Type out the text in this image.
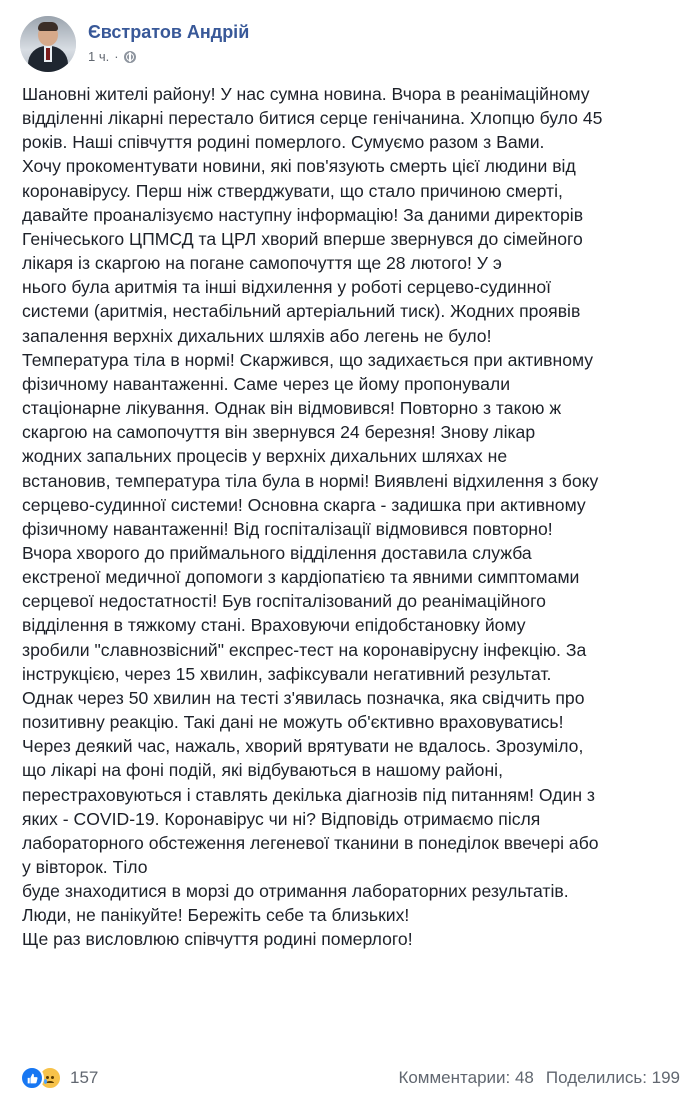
Євстратов Андрій
1 ч. ·
Шановні жителі району! У нас сумна новина. Вчора в реанімаційному
відділенні лікарні перестало битися серце генічанина. Хлопцю було 45
років. Наші співчуття родині померлого. Сумуємо разом з Вами.
Хочу прокоментувати новини, які пов'язують смерть цієї людини від
коронавірусу. Перш ніж стверджувати, що стало причиною смерті,
давайте проаналізуємо наступну інформацію! За даними директорів
Генічеського ЦПМСД та ЦРЛ хворий вперше звернувся до сімейного
лікаря із скаргою на погане самопочуття ще 28 лютого! У э
нього була аритмія та інші відхилення у роботі серцево-судинної
системи (аритмія, нестабільний артеріальний тиск). Жодних проявів
запалення верхніх дихальних шляхів або легень не було!
Температура тіла в нормі! Скаржився, що задихається при активному
фізичному навантаженні. Саме через це йому пропонували
стаціонарне лікування. Однак він відмовився! Повторно з такою ж
скаргою на самопочуття він звернувся 24 березня! Знову лікар
жодних запальних процесів у верхніх дихальних шляхах не
встановив, температура тіла була в нормі! Виявлені відхилення з боку
серцево-судинної системи! Основна скарга - задишка при активному
фізичному навантаженні! Від госпіталізації відмовився повторно!
Вчора хворого до приймального відділення доставила служба
екстреної медичної допомоги з кардіопатією та явними симптомами
серцевої недостатності! Був госпіталізований до реанімаційного
відділення в тяжкому стані. Враховуючи епідобстановку йому
зробили "славнозвісний" експрес-тест на коронавірусну інфекцію. За
інструкцією, через 15 хвилин, зафіксували негативний результат.
Однак через 50 хвилин на тесті з'явилась позначка, яка свідчить про
позитивну реакцію. Такі дані не можуть об'єктивно враховуватись!
Через деякий час, нажаль, хворий врятувати не вдалось. Зрозуміло,
що лікарі на фоні подій, які відбуваються в нашому районі,
перестраховуються і ставлять декілька діагнозів під питанням! Один з
яких - COVID-19. Коронавірус чи ні? Відповідь отримаємо після
лабораторного обстеження легеневої тканини в понеділок ввечері або
у вівторок. Тіло
буде знаходитися в морзі до отримання лабораторних результатів.
Люди, не панікуйте! Бережіть себе та близьких!
Ще раз висловлюю співчуття родині померлого!
157	Комментарии: 48 Поделились: 199
